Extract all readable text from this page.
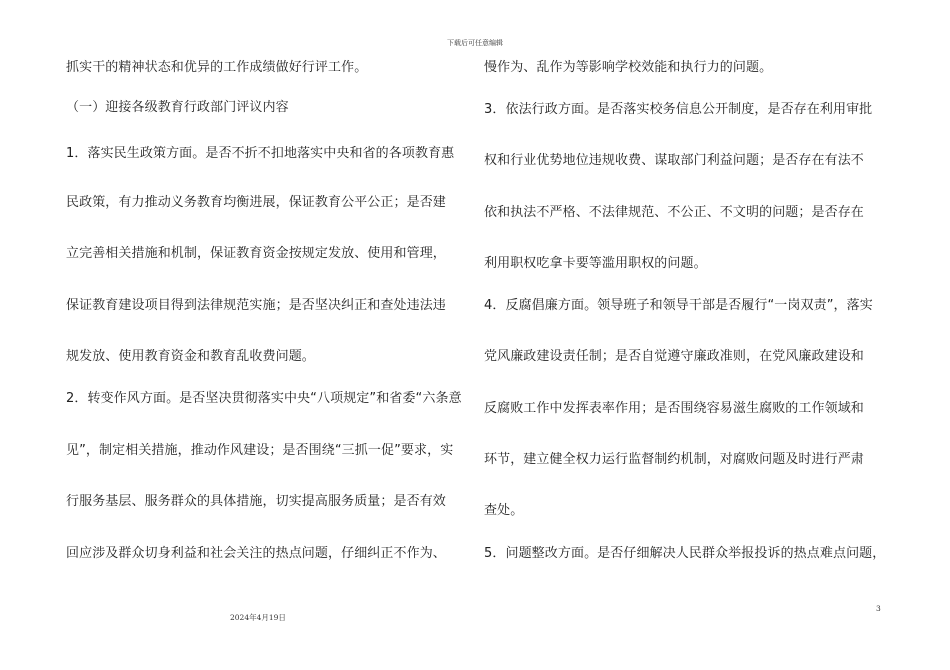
下载后可任意编辑
抓实干的精神状态和优异的工作成绩做好行评工作。
（一）迎接各级教育行政部门评议内容
1．落实民生政策方面。是否不折不扣地落实中央和省的各项教育惠
民政策，有力推动义务教育均衡进展，保证教育公平公正；是否建
立完善相关措施和机制，保证教育资金按规定发放、使用和管理，
保证教育建设项目得到法律规范实施；是否坚决纠正和查处违法违
规发放、使用教育资金和教育乱收费问题。
2．转变作风方面。是否坚决贯彻落实中央“八项规定”和省委“六条意
见”，制定相关措施，推动作风建设；是否围绕“三抓一促”要求，实
行服务基层、服务群众的具体措施，切实提高服务质量；是否有效
回应涉及群众切身利益和社会关注的热点问题，仔细纠正不作为、
慢作为、乱作为等影响学校效能和执行力的问题。
3．依法行政方面。是否落实校务信息公开制度，是否存在利用审批
权和行业优势地位违规收费、谋取部门利益问题；是否存在有法不
依和执法不严格、不法律规范、不公正、不文明的问题；是否存在
利用职权吃拿卡要等滥用职权的问题。
4．反腐倡廉方面。领导班子和领导干部是否履行“一岗双责”，落实
党风廉政建设责任制；是否自觉遵守廉政准则，在党风廉政建设和
反腐败工作中发挥表率作用；是否围绕容易滋生腐败的工作领域和
环节，建立健全权力运行监督制约机制，对腐败问题及时进行严肃
查处。
5．问题整改方面。是否仔细解决人民群众举报投诉的热点难点问题，
2024年4月19日
3
